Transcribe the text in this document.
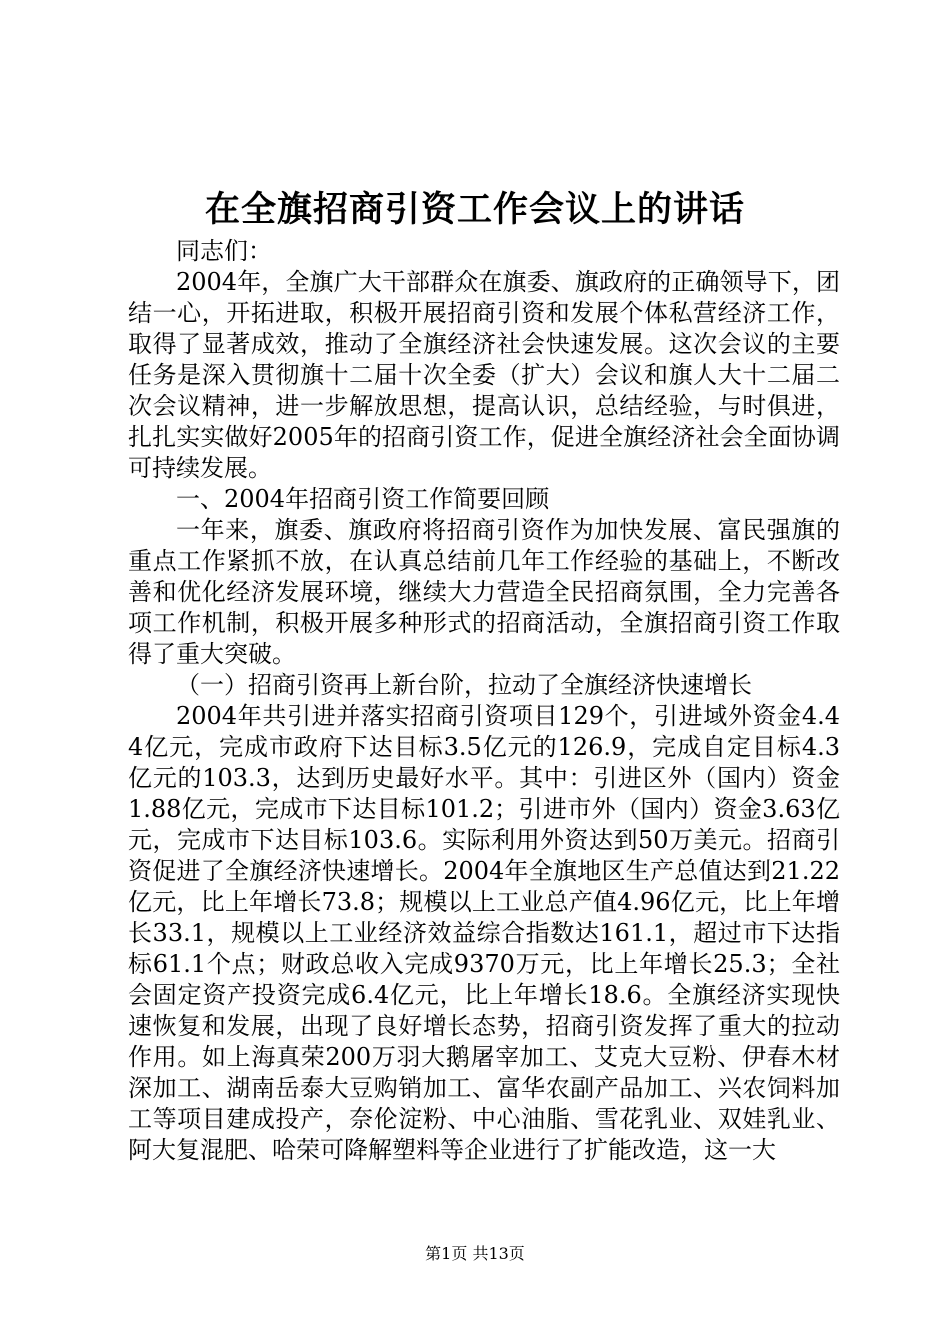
在全旗招商引资工作会议上的讲话

同志们：

2004年，全旗广大干部群众在旗委、旗政府的正确领导下，团结一心，开拓进取，积极开展招商引资和发展个体私营经济工作，取得了显著成效，推动了全旗经济社会快速发展。这次会议的主要任务是深入贯彻旗十二届十次全委（扩大）会议和旗人大十二届二次会议精神，进一步解放思想，提高认识，总结经验，与时俱进，扎扎实实做好2005年的招商引资工作，促进全旗经济社会全面协调可持续发展。

一、2004年招商引资工作简要回顾

一年来，旗委、旗政府将招商引资作为加快发展、富民强旗的重点工作紧抓不放，在认真总结前几年工作经验的基础上，不断改善和优化经济发展环境，继续大力营造全民招商氛围，全力完善各项工作机制，积极开展多种形式的招商活动，全旗招商引资工作取得了重大突破。

（一）招商引资再上新台阶，拉动了全旗经济快速增长

2004年共引进并落实招商引资项目129个，引进域外资金4.44亿元，完成市政府下达目标3.5亿元的126.9，完成自定目标4.3亿元的103.3，达到历史最好水平。其中：引进区外（国内）资金1.88亿元，完成市下达目标101.2；引进市外（国内）资金3.63亿元，完成市下达目标103.6。实际利用外资达到50万美元。招商引资促进了全旗经济快速增长。2004年全旗地区生产总值达到21.22亿元，比上年增长73.8；规模以上工业总产值4.96亿元，比上年增长33.1，规模以上工业经济效益综合指数达161.1，超过市下达指标61.1个点；财政总收入完成9370万元，比上年增长25.3；全社会固定资产投资完成6.4亿元，比上年增长18.6。全旗经济实现快速恢复和发展，出现了良好增长态势，招商引资发挥了重大的拉动作用。如上海真荣200万羽大鹅屠宰加工、艾克大豆粉、伊春木材深加工、湖南岳泰大豆购销加工、富华农副产品加工、兴农饲料加工等项目建成投产，奈伦淀粉、中心油脂、雪花乳业、双娃乳业、阿大复混肥、哈荣可降解塑料等企业进行了扩能改造，这一大

第1页 共13页
